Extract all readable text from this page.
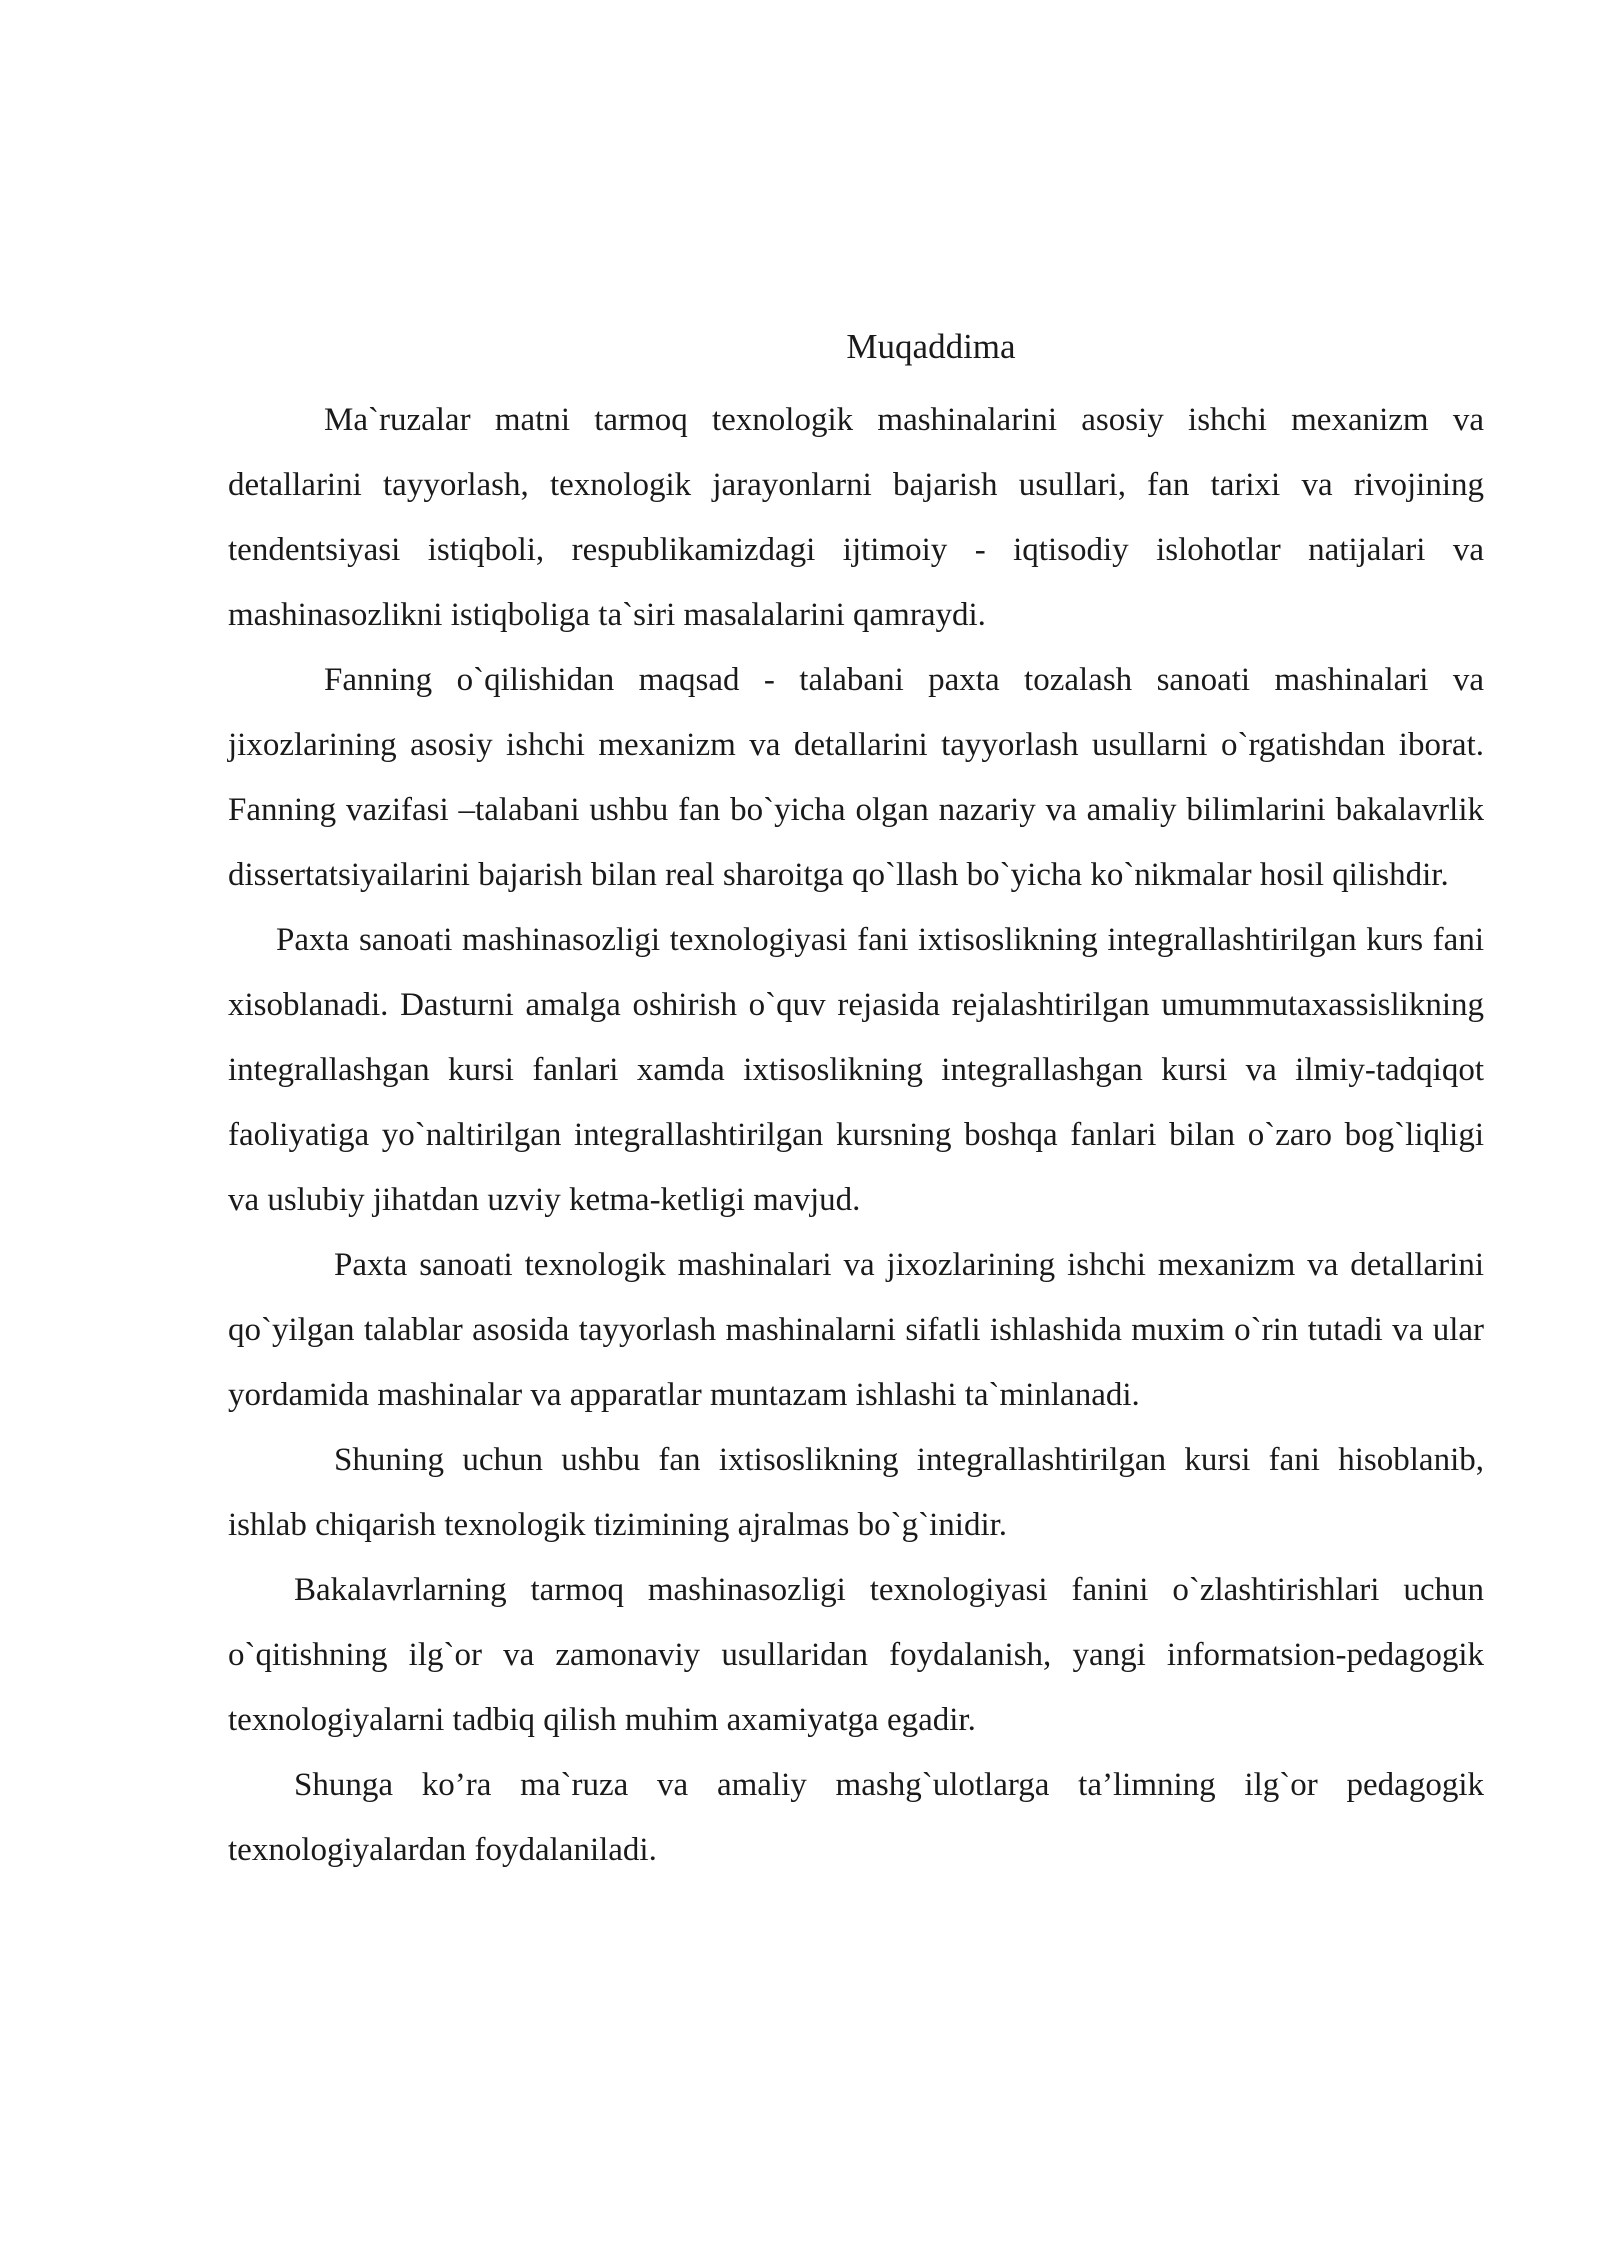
Muqaddima

Ma`ruzalar matni tarmoq texnologik mashinalarini asosiy ishchi mexanizm va detallarini tayyorlash, texnologik jarayonlarni bajarish usullari, fan tarixi va rivojining tendentsiyasi istiqboli, respublikamizdagi ijtimoiy - iqtisodiy islohotlar natijalari va mashinasozlikni istiqboliga ta`siri masalalarini qamraydi.

Fanning o`qilishidan maqsad - talabani paxta tozalash sanoati mashinalari va jixozlarining asosiy ishchi mexanizm va detallarini tayyorlash usullarni o`rgatishdan iborat. Fanning vazifasi –talabani ushbu fan bo`yicha olgan nazariy va amaliy bilimlarini bakalavrlik dissertatsiyailarini bajarish bilan real sharoitga qo`llash bo`yicha ko`nikmalar hosil qilishdir.

Paxta sanoati mashinasozligi texnologiyasi fani ixtisoslikning integrallashtirilgan kurs fani xisoblanadi. Dasturni amalga oshirish o`quv rejasida rejalashtirilgan umummutaxassislikning integrallashgan kursi fanlari xamda ixtisoslikning integrallashgan kursi va ilmiy-tadqiqot faoliyatiga yo`naltirilgan integrallashtirilgan kursning boshqa fanlari bilan o`zaro bog`liqligi va uslubiy jihatdan uzviy ketma-ketligi mavjud.

Paxta sanoati texnologik mashinalari va jixozlarining ishchi mexanizm va detallarini qo`yilgan talablar asosida tayyorlash mashinalarni sifatli ishlashida muxim o`rin tutadi va ular yordamida mashinalar va apparatlar muntazam ishlashi ta`minlanadi.

Shuning uchun ushbu fan ixtisoslikning integrallashtirilgan kursi fani hisoblanib, ishlab chiqarish texnologik tizimining ajralmas bo`g`inidir.

Bakalavrlarning tarmoq mashinasozligi texnologiyasi fanini o`zlashtirishlari uchun o`qitishning ilg`or va zamonaviy usullaridan foydalanish, yangi informatsion-pedagogik texnologiyalarni tadbiq qilish muhim axamiyatga egadir.

Shunga ko’ra ma`ruza va amaliy mashg`ulotlarga ta’limning ilg`or pedagogik texnologiyalardan foydalaniladi.
